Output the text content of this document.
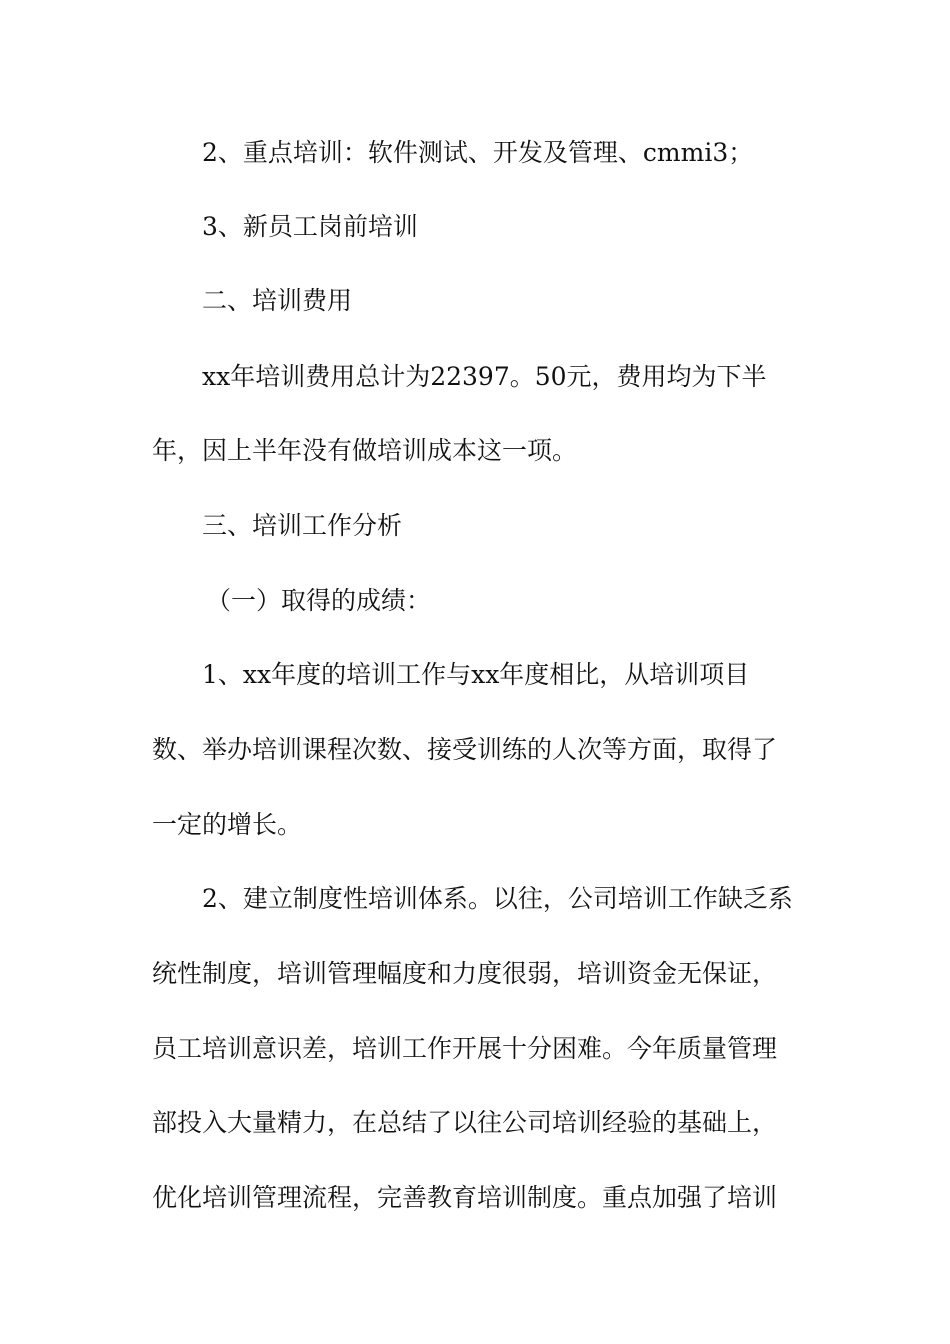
2、重点培训：软件测试、开发及管理、cmmi3；
3、新员工岗前培训
二、培训费用
xx年培训费用总计为22397。50元，费用均为下半
年，因上半年没有做培训成本这一项。
三、培训工作分析
（一）取得的成绩：
1、xx年度的培训工作与xx年度相比，从培训项目
数、举办培训课程次数、接受训练的人次等方面，取得了
一定的增长。
2、建立制度性培训体系。以往，公司培训工作缺乏系
统性制度，培训管理幅度和力度很弱，培训资金无保证，
员工培训意识差，培训工作开展十分困难。今年质量管理
部投入大量精力，在总结了以往公司培训经验的基础上，
优化培训管理流程，完善教育培训制度。重点加强了培训
